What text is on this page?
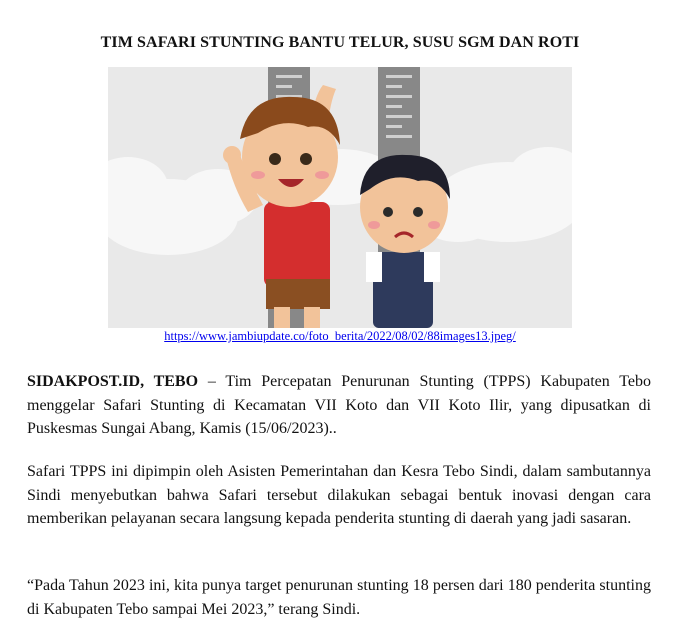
TIM SAFARI STUNTING BANTU TELUR, SUSU SGM DAN ROTI
https://www.jambiupdate.co/foto_berita/2022/08/02/88images13.jpeg/

SIDAKPOST.ID, TEBO – Tim Percepatan Penurunan Stunting (TPPS) Kabupaten Tebo menggelar Safari Stunting di Kecamatan VII Koto dan VII Koto Ilir, yang dipusatkan di Puskesmas Sungai Abang, Kamis (15/06/2023)..

Safari TPPS ini dipimpin oleh Asisten Pemerintahan dan Kesra Tebo Sindi, dalam sambutannya Sindi menyebutkan bahwa Safari tersebut dilakukan sebagai bentuk inovasi dengan cara memberikan pelayanan secara langsung kepada penderita stunting di daerah yang jadi sasaran.

“Pada Tahun 2023 ini, kita punya target penurunan stunting 18 persen dari 180 penderita stunting di Kabupaten Tebo sampai Mei 2023,” terang Sindi.
